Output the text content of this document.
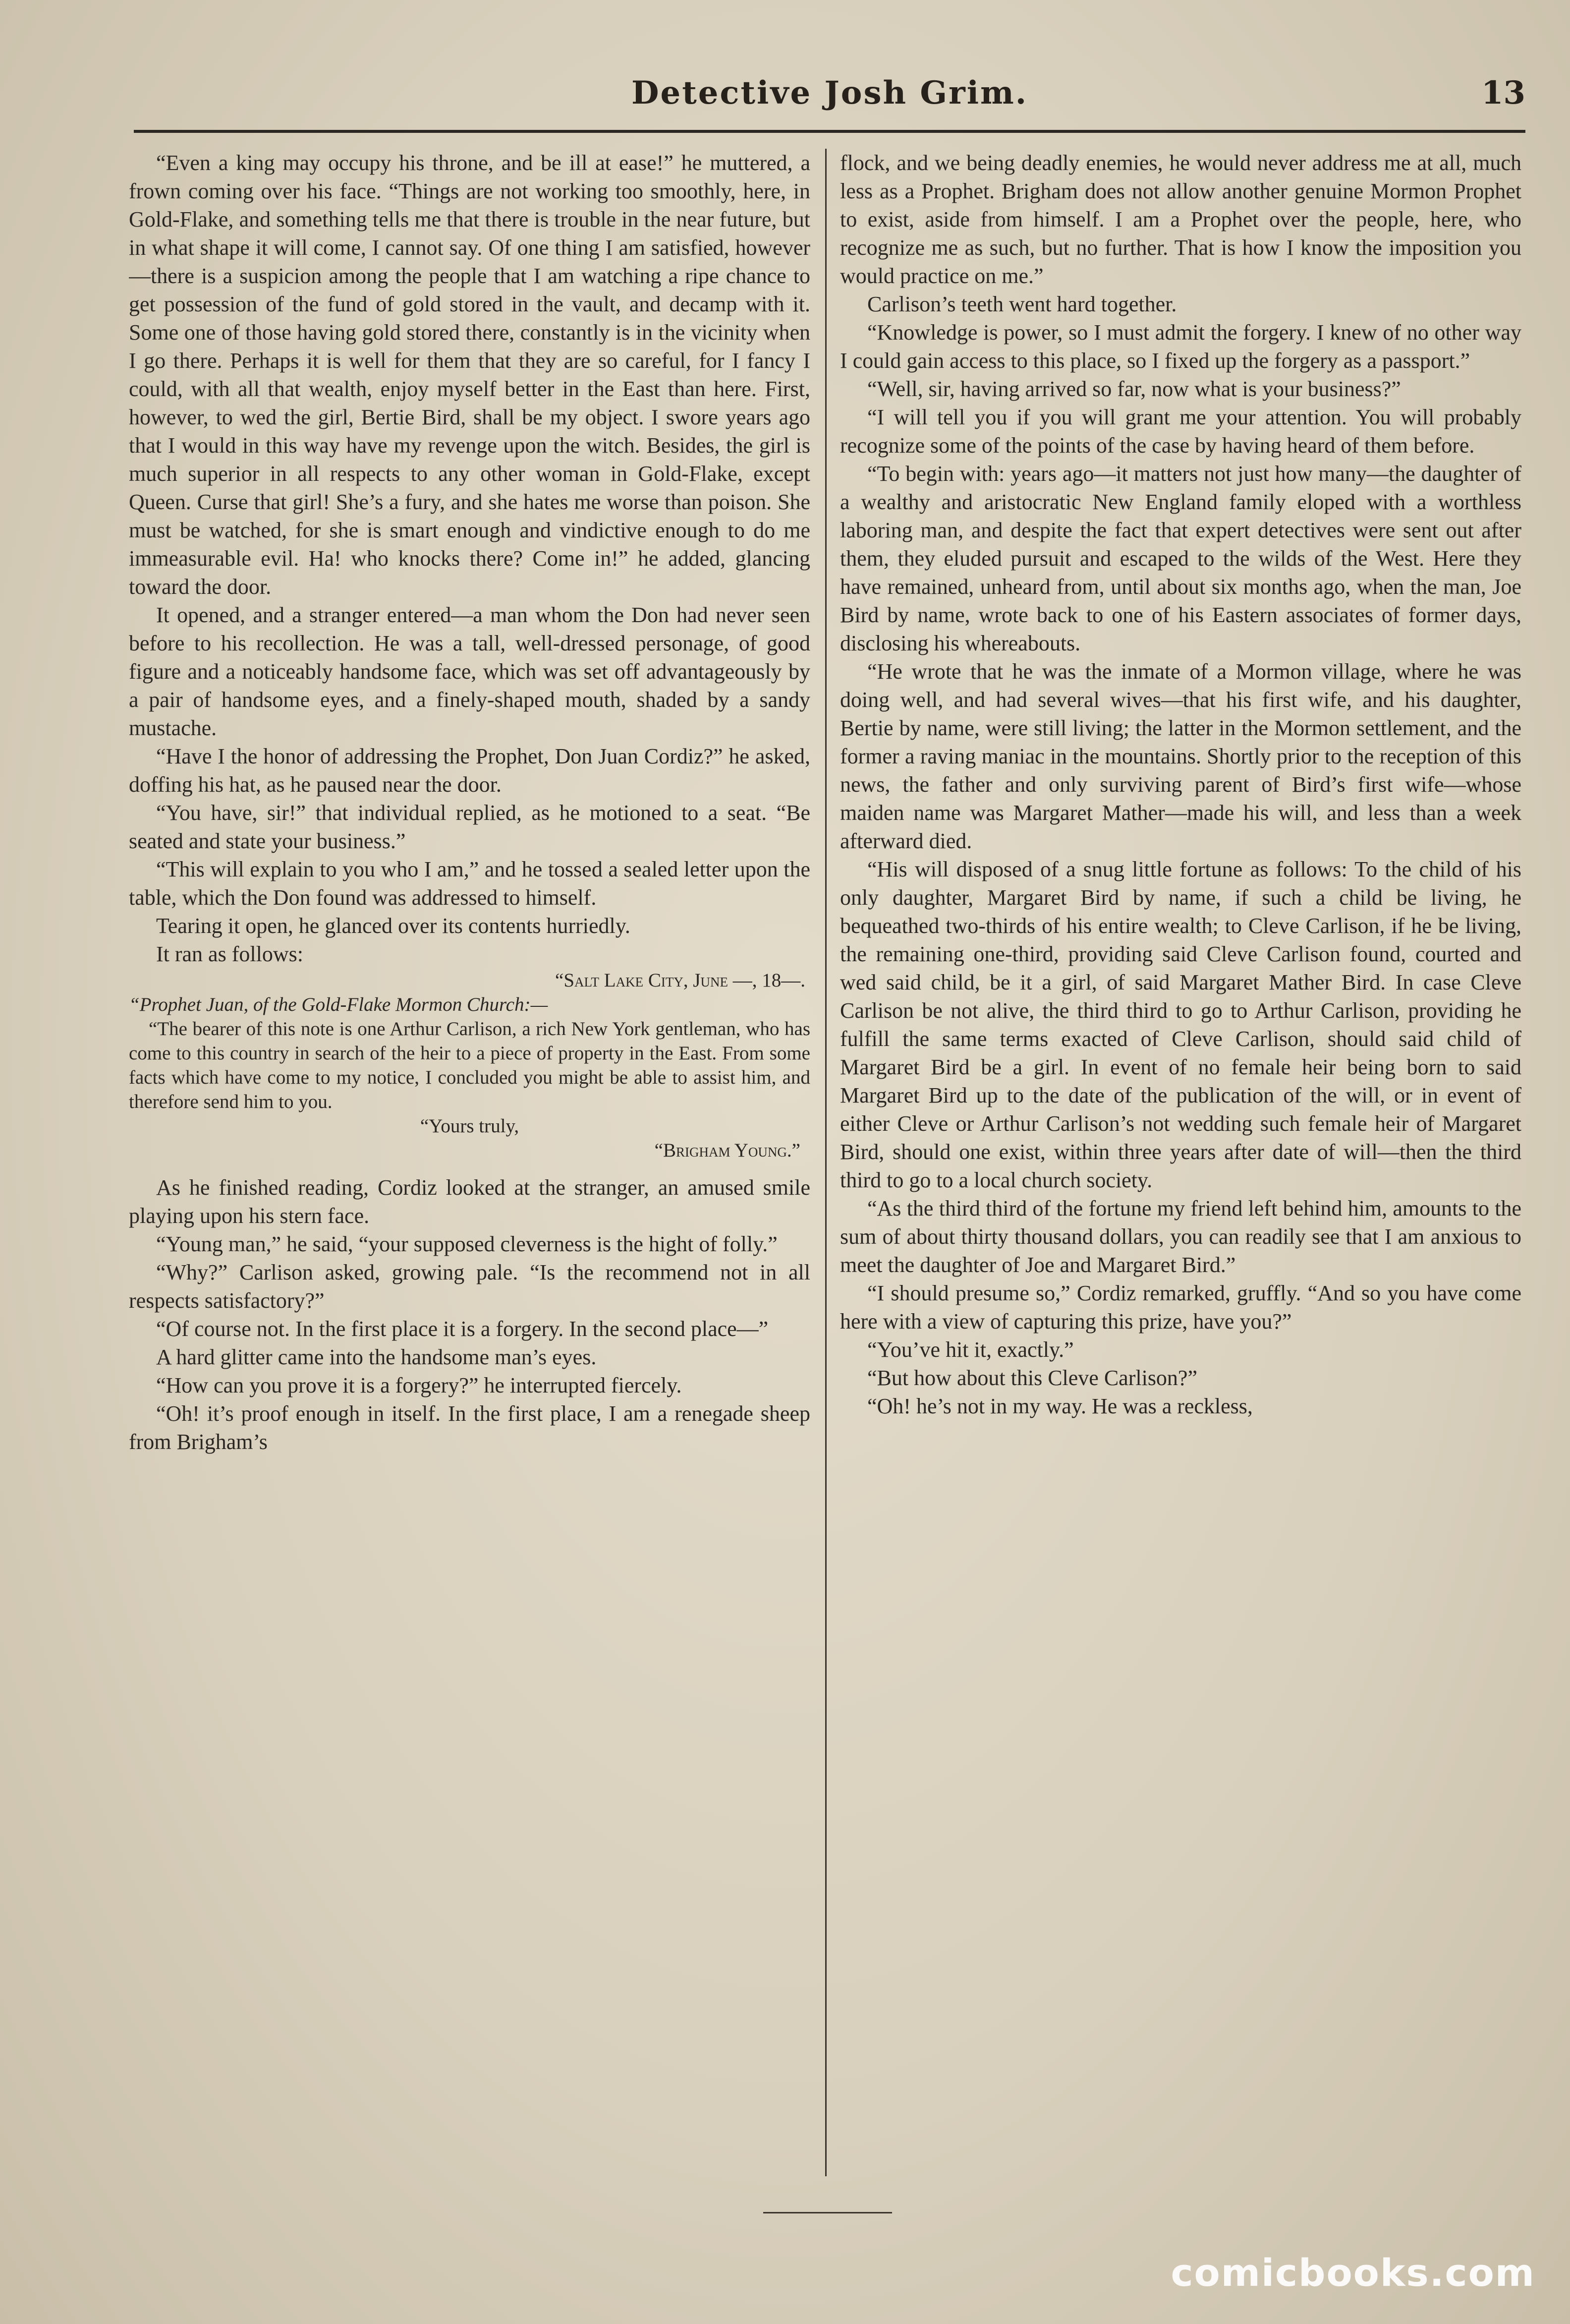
Detective Josh Grim.	13

“Even a king may occupy his throne, and be ill at ease!” he muttered, a frown coming over his face. “Things are not working too smoothly, here, in Gold-Flake, and something tells me that there is trouble in the near future, but in what shape it will come, I cannot say. Of one thing I am satisfied, however—there is a suspicion among the people that I am watching a ripe chance to get possession of the fund of gold stored in the vault, and decamp with it. Some one of those having gold stored there, constantly is in the vicinity when I go there. Perhaps it is well for them that they are so careful, for I fancy I could, with all that wealth, enjoy myself better in the East than here. First, however, to wed the girl, Bertie Bird, shall be my object. I swore years ago that I would in this way have my revenge upon the witch. Besides, the girl is much superior in all respects to any other woman in Gold-Flake, except Queen. Curse that girl! She’s a fury, and she hates me worse than poison. She must be watched, for she is smart enough and vindictive enough to do me immeasurable evil. Ha! who knocks there? Come in!” he added, glancing toward the door.

It opened, and a stranger entered—a man whom the Don had never seen before to his recollection. He was a tall, well-dressed personage, of good figure and a noticeably handsome face, which was set off advantageously by a pair of handsome eyes, and a finely-shaped mouth, shaded by a sandy mustache.

“Have I the honor of addressing the Prophet, Don Juan Cordiz?” he asked, doffing his hat, as he paused near the door.

“You have, sir!” that individual replied, as he motioned to a seat. “Be seated and state your business.”

“This will explain to you who I am,” and he tossed a sealed letter upon the table, which the Don found was addressed to himself.

Tearing it open, he glanced over its contents hurriedly.

It ran as follows:

“Salt Lake City, June —, 18—.

“Prophet Juan, of the Gold-Flake Mormon Church:—

“The bearer of this note is one Arthur Carlison, a rich New York gentleman, who has come to this country in search of the heir to a piece of property in the East. From some facts which have come to my notice, I concluded you might be able to assist him, and therefore send him to you.

“Yours truly,

“Brigham Young.”

As he finished reading, Cordiz looked at the stranger, an amused smile playing upon his stern face.

“Young man,” he said, “your supposed cleverness is the hight of folly.”

“Why?” Carlison asked, growing pale. “Is the recommend not in all respects satisfactory?”

“Of course not. In the first place it is a forgery. In the second place—”

A hard glitter came into the handsome man’s eyes.

“How can you prove it is a forgery?” he interrupted fiercely.

“Oh! it’s proof enough in itself. In the first place, I am a renegade sheep from Brigham’s

flock, and we being deadly enemies, he would never address me at all, much less as a Prophet. Brigham does not allow another genuine Mormon Prophet to exist, aside from himself. I am a Prophet over the people, here, who recognize me as such, but no further. That is how I know the imposition you would practice on me.”

Carlison’s teeth went hard together.

“Knowledge is power, so I must admit the forgery. I knew of no other way I could gain access to this place, so I fixed up the forgery as a passport.”

“Well, sir, having arrived so far, now what is your business?”

“I will tell you if you will grant me your attention. You will probably recognize some of the points of the case by having heard of them before.

“To begin with: years ago—it matters not just how many—the daughter of a wealthy and aristocratic New England family eloped with a worthless laboring man, and despite the fact that expert detectives were sent out after them, they eluded pursuit and escaped to the wilds of the West. Here they have remained, unheard from, until about six months ago, when the man, Joe Bird by name, wrote back to one of his Eastern associates of former days, disclosing his whereabouts.

“He wrote that he was the inmate of a Mormon village, where he was doing well, and had several wives—that his first wife, and his daughter, Bertie by name, were still living; the latter in the Mormon settlement, and the former a raving maniac in the mountains. Shortly prior to the reception of this news, the father and only surviving parent of Bird’s first wife—whose maiden name was Margaret Mather—made his will, and less than a week afterward died.

“His will disposed of a snug little fortune as follows: To the child of his only daughter, Margaret Bird by name, if such a child be living, he bequeathed two-thirds of his entire wealth; to Cleve Carlison, if he be living, the remaining one-third, providing said Cleve Carlison found, courted and wed said child, be it a girl, of said Margaret Mather Bird. In case Cleve Carlison be not alive, the third third to go to Arthur Carlison, providing he fulfill the same terms exacted of Cleve Carlison, should said child of Margaret Bird be a girl. In event of no female heir being born to said Margaret Bird up to the date of the publication of the will, or in event of either Cleve or Arthur Carlison’s not wedding such female heir of Margaret Bird, should one exist, within three years after date of will—then the third third to go to a local church society.

“As the third third of the fortune my friend left behind him, amounts to the sum of about thirty thousand dollars, you can readily see that I am anxious to meet the daughter of Joe and Margaret Bird.”

“I should presume so,” Cordiz remarked, gruffly. “And so you have come here with a view of capturing this prize, have you?”

“You’ve hit it, exactly.”

“But how about this Cleve Carlison?”

“Oh! he’s not in my way. He was a reckless,

comicbooks.com
